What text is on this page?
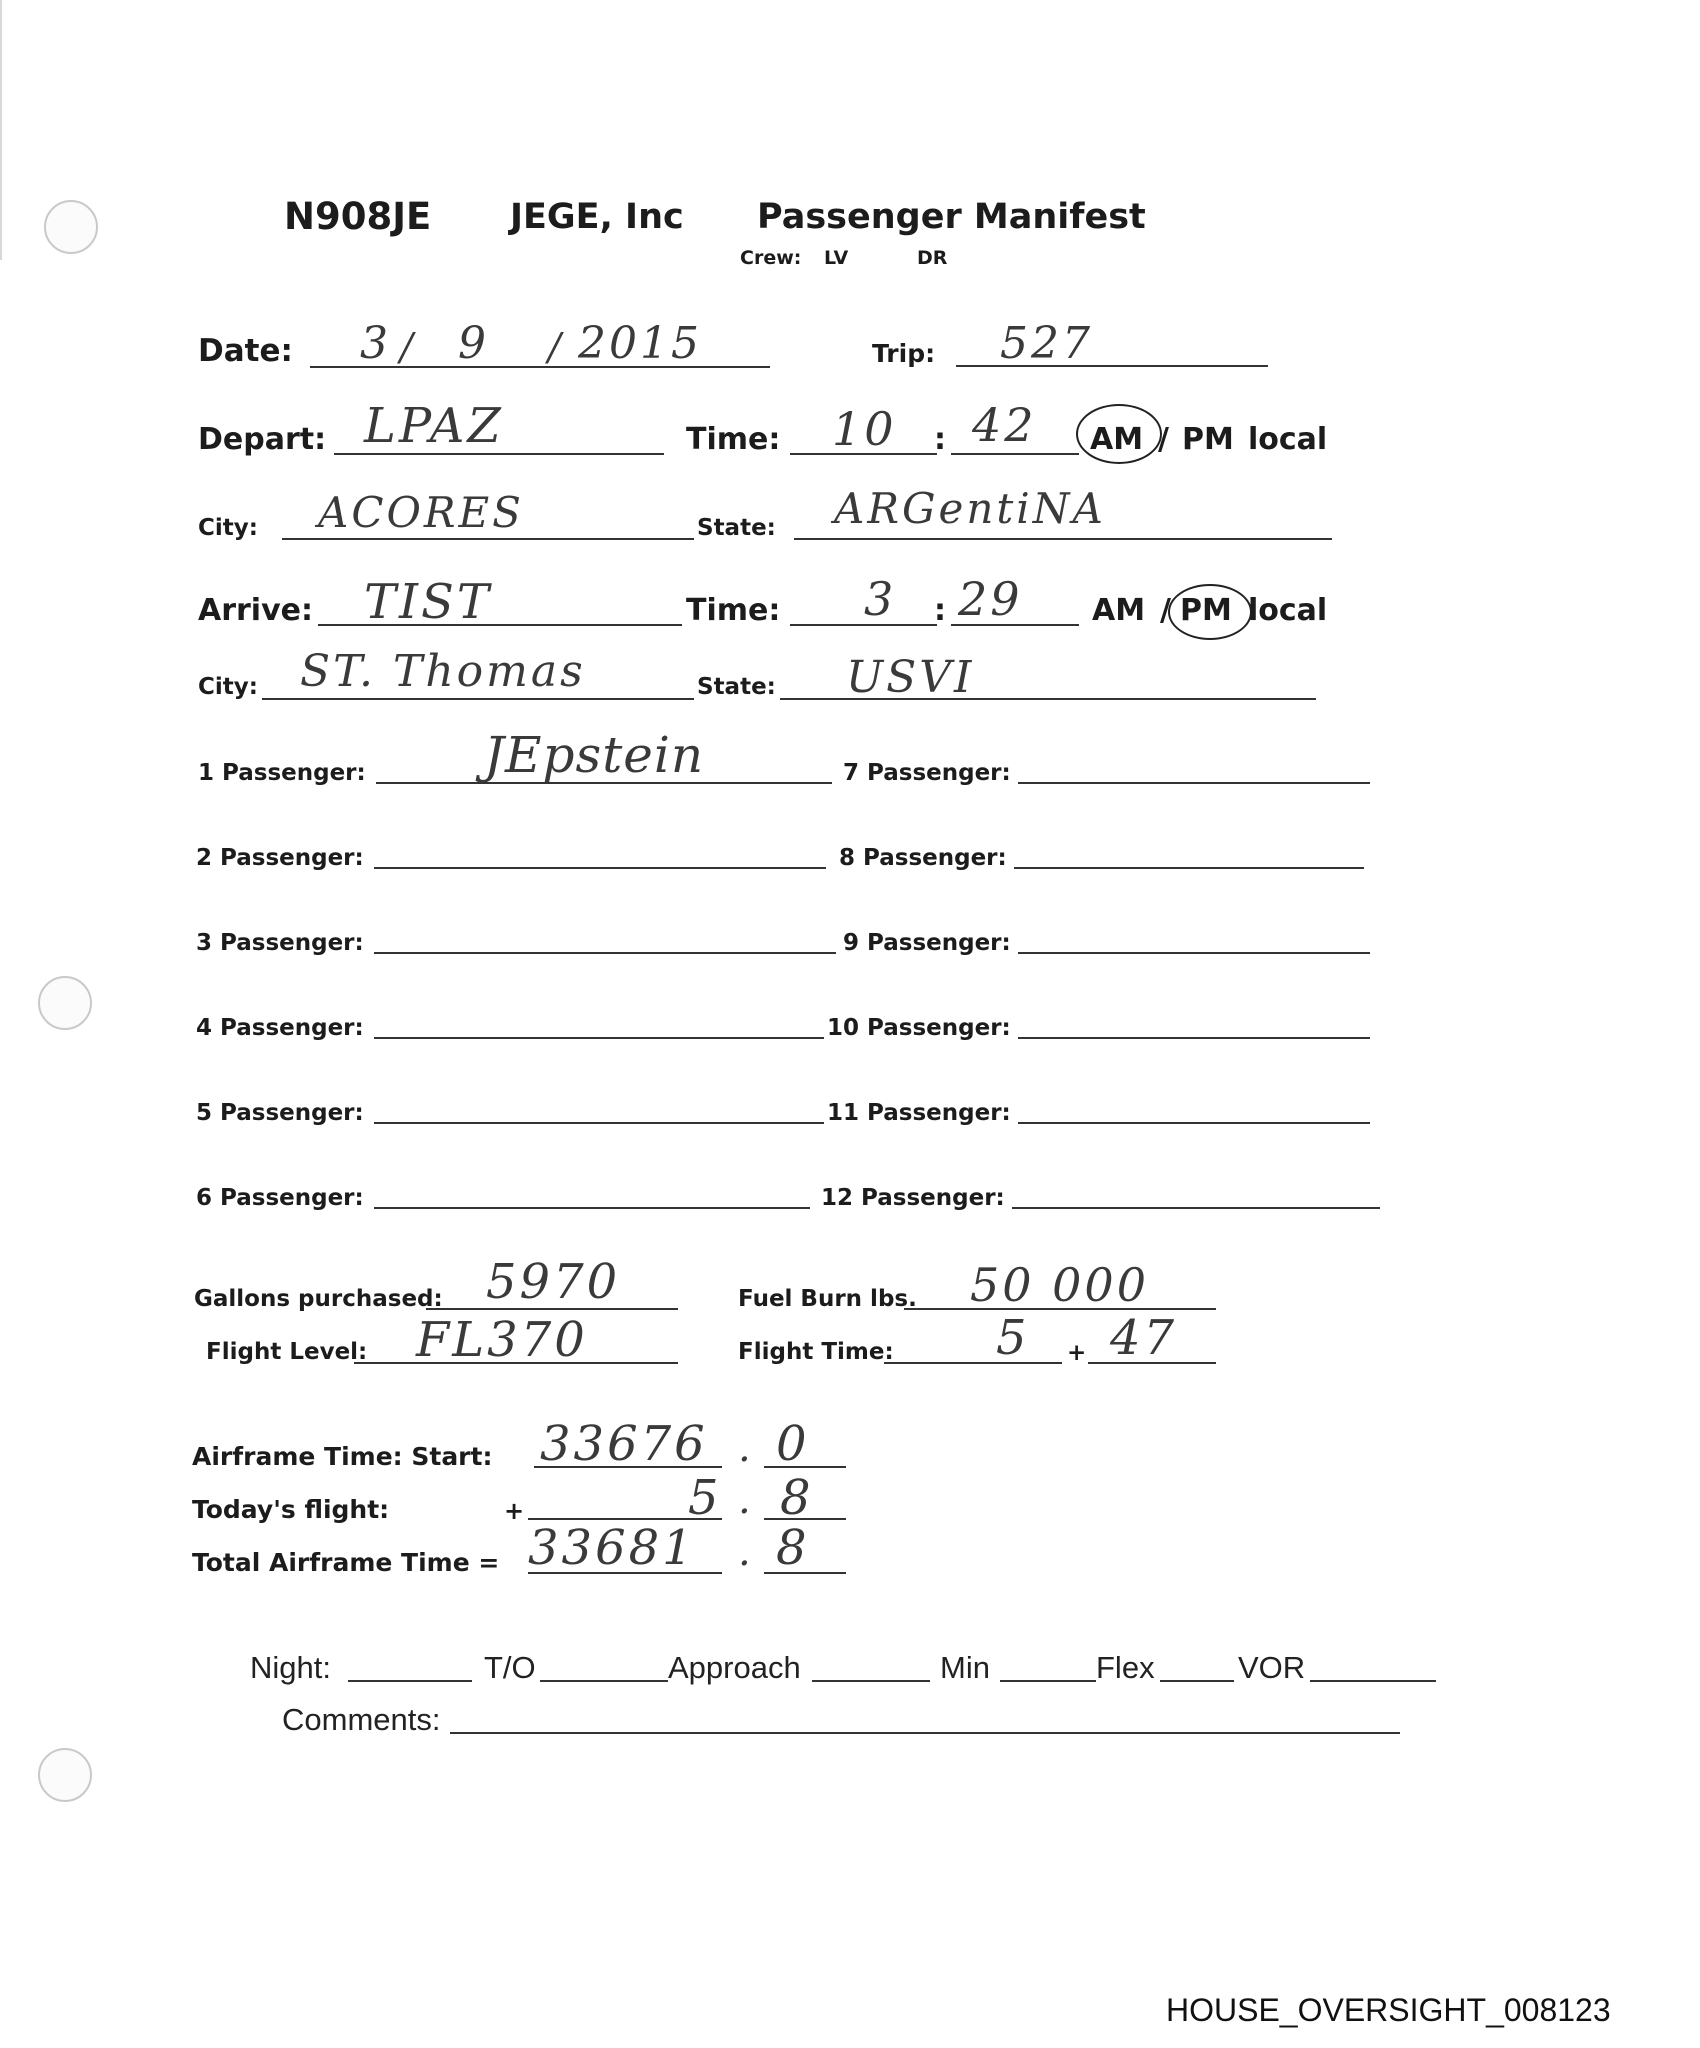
N908JE JEGE, Inc Passenger Manifest
Crew: LV	DR
Date: 3 / 9 / 2015	Trip: 527
Depart: LPAZ	Time: 10 : 42 AM / PM local
City: ACORES	State: ARGentiNA
Arrive: TIST	Time: 3 : 29 AM / PM local
City: ST. Thomas	State: USVI
1 Passenger: JEpstein
2 Passenger:
3 Passenger:
4 Passenger:
5 Passenger:
6 Passenger:
7 Passenger:
8 Passenger:
9 Passenger:
10 Passenger:
11 Passenger:
12 Passenger:
Gallons purchased: 5970	Fuel Burn lbs. 50 000
Flight Level: FL370	Flight Time: 5 + 47
Airframe Time: Start: 33676 . 0
Today's flight:	+	5 . 8
Total Airframe Time = 33681 . 8
Night:	T/O	Approach	Min	Flex	VOR
Comments:
HOUSE_OVERSIGHT_008123
